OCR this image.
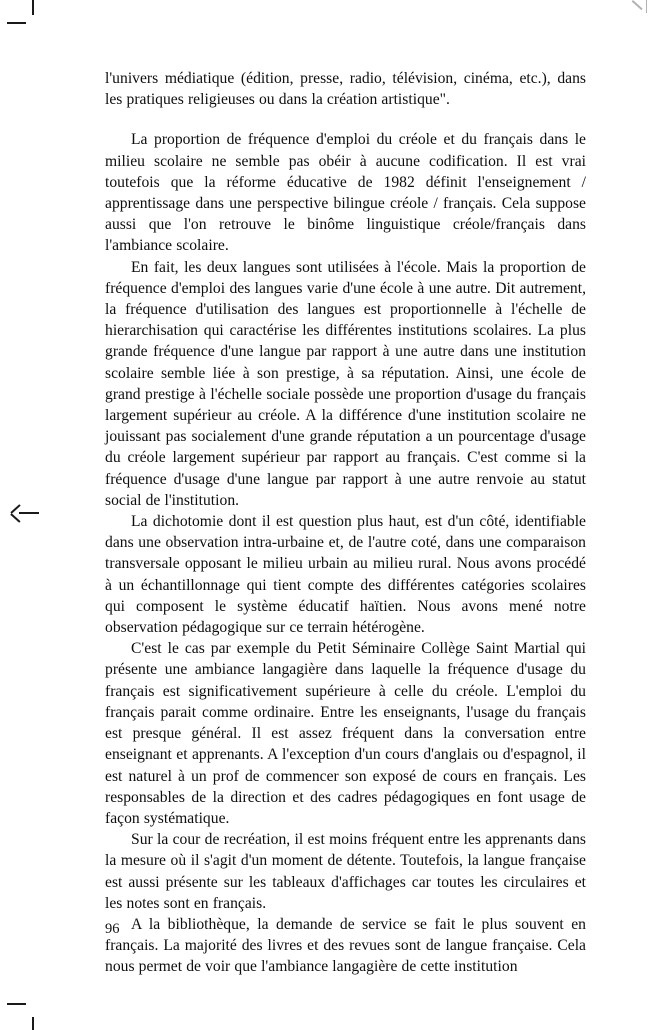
l'univers médiatique (édition, presse, radio, télévision, cinéma, etc.), dans les pratiques religieuses ou dans la création artistique".

La proportion de fréquence d'emploi du créole et du français dans le milieu scolaire ne semble pas obéir à aucune codification. Il est vrai toutefois que la réforme éducative de 1982 définit l'enseignement / apprentissage dans une perspective bilingue créole / français. Cela suppose aussi que l'on retrouve le binôme linguistique créole/français dans l'ambiance scolaire.

En fait, les deux langues sont utilisées à l'école. Mais la proportion de fréquence d'emploi des langues varie d'une école à une autre. Dit autrement, la fréquence d'utilisation des langues est proportionnelle à l'échelle de hierarchisation qui caractérise les différentes institutions scolaires. La plus grande fréquence d'une langue par rapport à une autre dans une institution scolaire semble liée à son prestige, à sa réputation. Ainsi, une école de grand prestige à l'échelle sociale possède une proportion d'usage du français largement supérieur au créole. A la différence d'une institution scolaire ne jouissant pas socialement d'une grande réputation a un pourcentage d'usage du créole largement supérieur par rapport au français. C'est comme si la fréquence d'usage d'une langue par rapport à une autre renvoie au statut social de l'institution.

La dichotomie dont il est question plus haut, est d'un côté, identifiable dans une observation intra-urbaine et, de l'autre coté, dans une comparaison transversale opposant le milieu urbain au milieu rural. Nous avons procédé à un échantillonnage qui tient compte des différentes catégories scolaires qui composent le système éducatif haïtien. Nous avons mené notre observation pédagogique sur ce terrain hétérogène.

C'est le cas par exemple du Petit Séminaire Collège Saint Martial qui présente une ambiance langagière dans laquelle la fréquence d'usage du français est significativement supérieure à celle du créole. L'emploi du français parait comme ordinaire. Entre les enseignants, l'usage du français est presque général. Il est assez fréquent dans la conversation entre enseignant et apprenants. A l'exception d'un cours d'anglais ou d'espagnol, il est naturel à un prof de commencer son exposé de cours en français. Les responsables de la direction et des cadres pédagogiques en font usage de façon systématique.

Sur la cour de recréation, il est moins fréquent entre les apprenants dans la mesure où il s'agit d'un moment de détente. Toutefois, la langue française est aussi présente sur les tableaux d'affichages car toutes les circulaires et les notes sont en français.

A la bibliothèque, la demande de service se fait le plus souvent en français. La majorité des livres et des revues sont de langue française. Cela nous permet de voir que l'ambiance langagière de cette institution

96
